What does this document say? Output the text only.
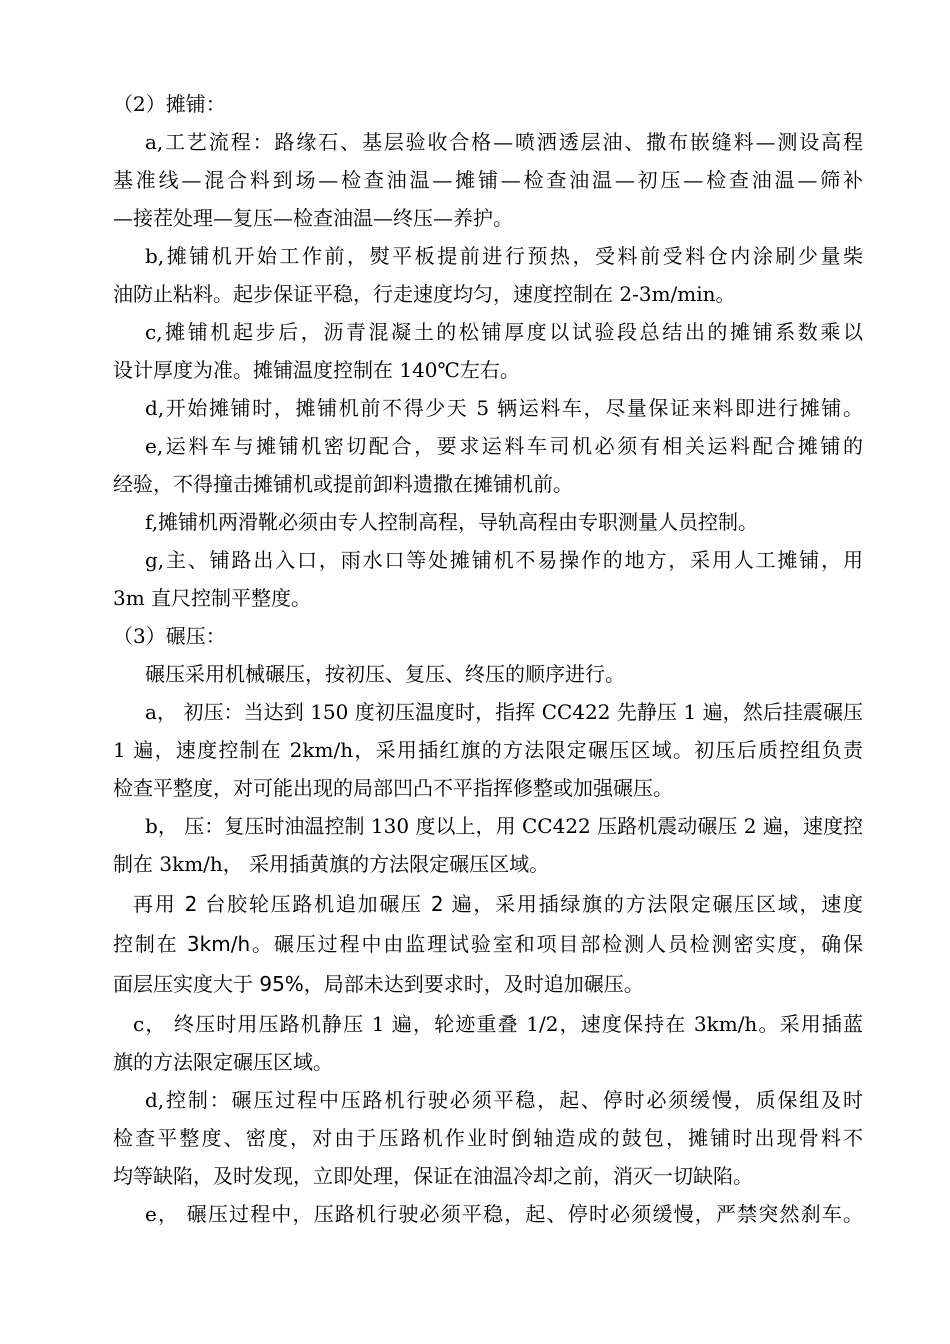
（2）摊铺：
a,工艺流程：路缘石、基层验收合格—喷洒透层油、撒布嵌缝料—测设高程
基准线—混合料到场—检查油温—摊铺—检查油温—初压—检查油温—筛补
—接茬处理—复压—检查油温—终压—养护。
b,摊铺机开始工作前，熨平板提前进行预热，受料前受料仓内涂刷少量柴
油防止粘料。起步保证平稳，行走速度均匀，速度控制在 2-3m/min。
c,摊铺机起步后，沥青混凝土的松铺厚度以试验段总结出的摊铺系数乘以
设计厚度为准。摊铺温度控制在 140℃左右。
d,开始摊铺时，摊铺机前不得少天 5 辆运料车，尽量保证来料即进行摊铺。
e,运料车与摊铺机密切配合，要求运料车司机必须有相关运料配合摊铺的
经验，不得撞击摊铺机或提前卸料遗撒在摊铺机前。
f,摊铺机两滑靴必须由专人控制高程，导轨高程由专职测量人员控制。
g,主、铺路出入口，雨水口等处摊铺机不易操作的地方，采用人工摊铺，用
3m 直尺控制平整度。
（3）碾压：
碾压采用机械碾压，按初压、复压、终压的顺序进行。
a， 初压：当达到 150 度初压温度时，指挥 CC422 先静压 1 遍，然后挂震碾压
1 遍，速度控制在 2km/h，采用插红旗的方法限定碾压区域。初压后质控组负责
检查平整度，对可能出现的局部凹凸不平指挥修整或加强碾压。
b， 压：复压时油温控制 130 度以上，用 CC422 压路机震动碾压 2 遍，速度控
制在 3km/h， 采用插黄旗的方法限定碾压区域。
再用 2 台胶轮压路机追加碾压 2 遍，采用插绿旗的方法限定碾压区域，速度
控制在 3km/h。碾压过程中由监理试验室和项目部检测人员检测密实度，确保
面层压实度大于 95%，局部未达到要求时，及时追加碾压。
c， 终压时用压路机静压 1 遍，轮迹重叠 1/2，速度保持在 3km/h。采用插蓝
旗的方法限定碾压区域。
d,控制：碾压过程中压路机行驶必须平稳，起、停时必须缓慢，质保组及时
检查平整度、密度，对由于压路机作业时倒轴造成的鼓包，摊铺时出现骨料不
均等缺陷，及时发现，立即处理，保证在油温冷却之前，消灭一切缺陷。
e， 碾压过程中，压路机行驶必须平稳，起、停时必须缓慢，严禁突然刹车。
